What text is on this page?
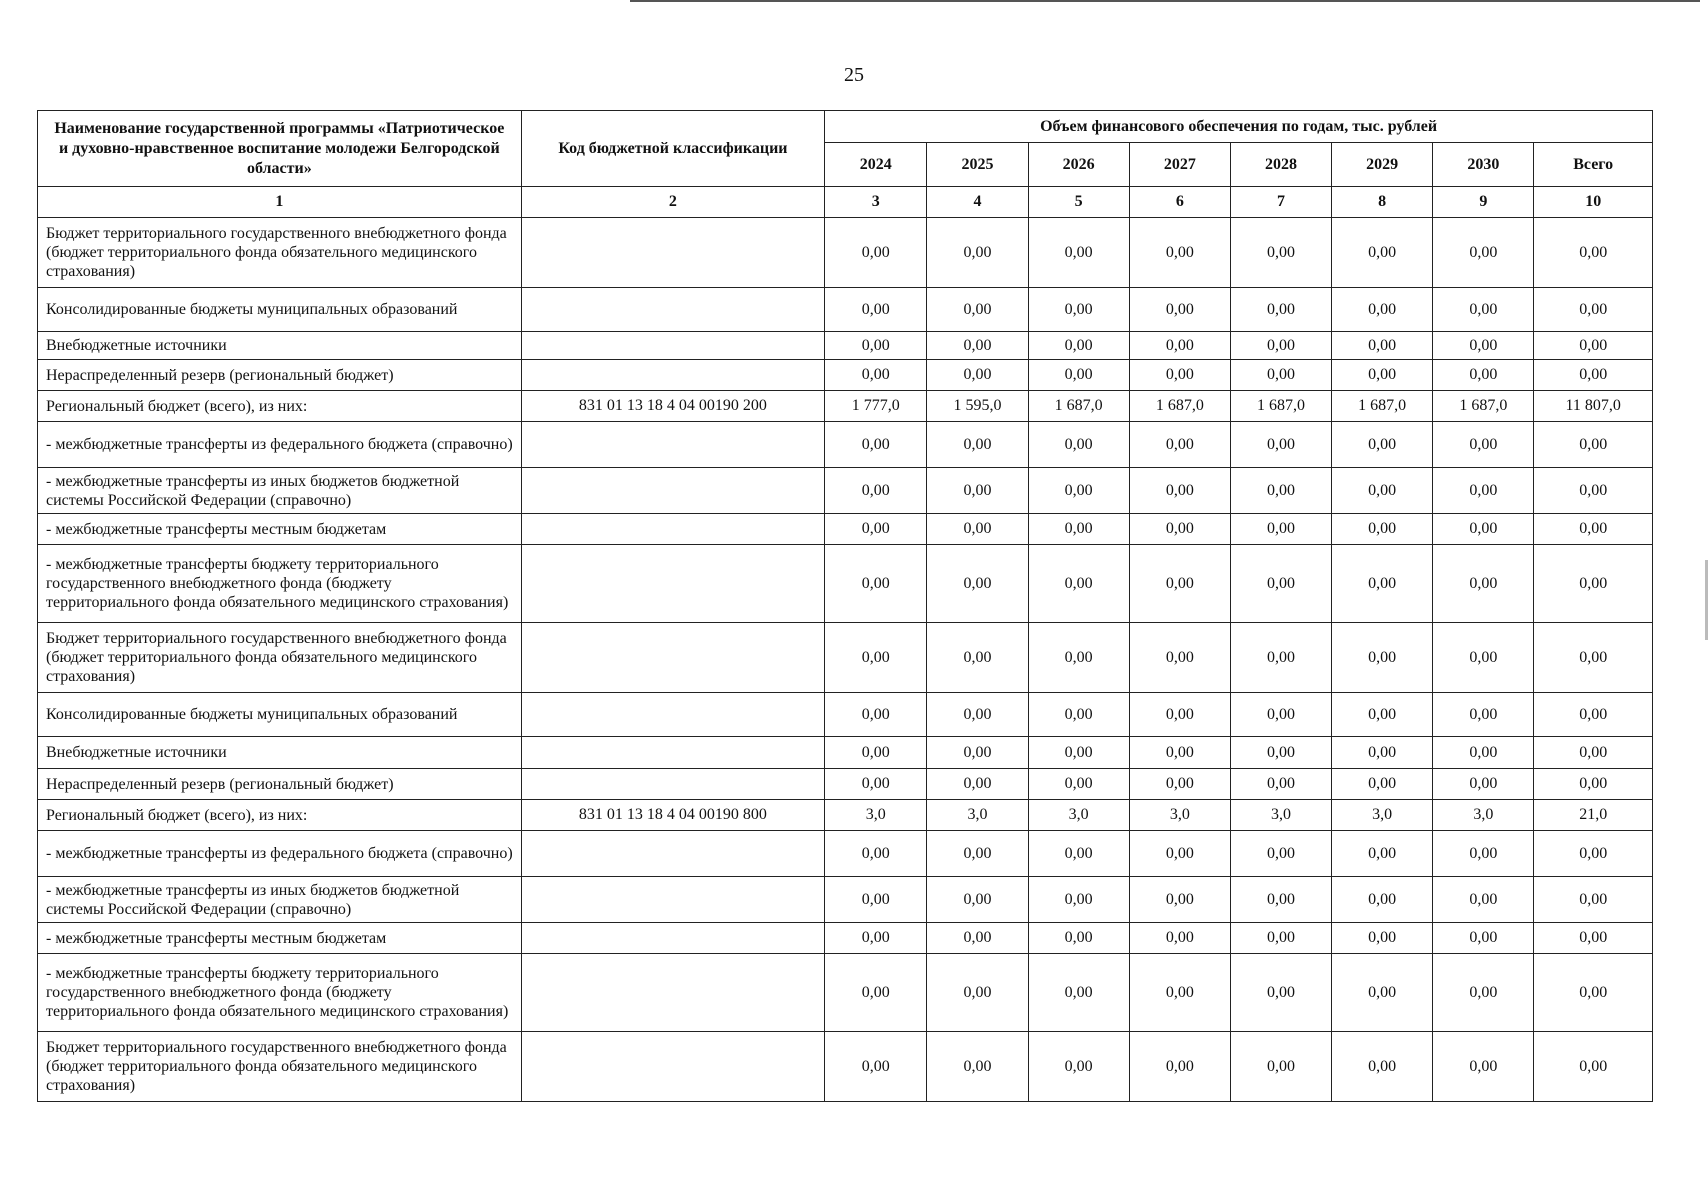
25
Наименование государственной программы «Патриотическое и духовно-нравственное воспитание молодежи Белгородской области»	Код бюджетной классификации	Объем финансового обеспечения по годам, тыс. рублей							
		2024	2025	2026	2027	2028	2029	2030	Всего
1	2	3	4	5	6	7	8	9	10
Бюджет территориального государственного внебюджетного фонда (бюджет территориального фонда обязательного медицинского страхования)		0,00	0,00	0,00	0,00	0,00	0,00	0,00	0,00
Консолидированные бюджеты муниципальных образований		0,00	0,00	0,00	0,00	0,00	0,00	0,00	0,00
Внебюджетные источники		0,00	0,00	0,00	0,00	0,00	0,00	0,00	0,00
Нераспределенный резерв (региональный бюджет)		0,00	0,00	0,00	0,00	0,00	0,00	0,00	0,00
Региональный бюджет (всего), из них:	831 01 13 18 4 04 00190 200	1 777,0	1 595,0	1 687,0	1 687,0	1 687,0	1 687,0	1 687,0	11 807,0
- межбюджетные трансферты из федерального бюджета (справочно)		0,00	0,00	0,00	0,00	0,00	0,00	0,00	0,00
- межбюджетные трансферты из иных бюджетов бюджетной системы Российской Федерации (справочно)		0,00	0,00	0,00	0,00	0,00	0,00	0,00	0,00
- межбюджетные трансферты местным бюджетам		0,00	0,00	0,00	0,00	0,00	0,00	0,00	0,00
- межбюджетные трансферты бюджету территориального государственного внебюджетного фонда (бюджету территориального фонда обязательного медицинского страхования)		0,00	0,00	0,00	0,00	0,00	0,00	0,00	0,00
Бюджет территориального государственного внебюджетного фонда (бюджет территориального фонда обязательного медицинского страхования)		0,00	0,00	0,00	0,00	0,00	0,00	0,00	0,00
Консолидированные бюджеты муниципальных образований		0,00	0,00	0,00	0,00	0,00	0,00	0,00	0,00
Внебюджетные источники		0,00	0,00	0,00	0,00	0,00	0,00	0,00	0,00
Нераспределенный резерв (региональный бюджет)		0,00	0,00	0,00	0,00	0,00	0,00	0,00	0,00
Региональный бюджет (всего), из них:	831 01 13 18 4 04 00190 800	3,0	3,0	3,0	3,0	3,0	3,0	3,0	21,0
- межбюджетные трансферты из федерального бюджета (справочно)		0,00	0,00	0,00	0,00	0,00	0,00	0,00	0,00
- межбюджетные трансферты из иных бюджетов бюджетной системы Российской Федерации (справочно)		0,00	0,00	0,00	0,00	0,00	0,00	0,00	0,00
- межбюджетные трансферты местным бюджетам		0,00	0,00	0,00	0,00	0,00	0,00	0,00	0,00
- межбюджетные трансферты бюджету территориального государственного внебюджетного фонда (бюджету территориального фонда обязательного медицинского страхования)		0,00	0,00	0,00	0,00	0,00	0,00	0,00	0,00
Бюджет территориального государственного внебюджетного фонда (бюджет территориального фонда обязательного медицинского страхования)		0,00	0,00	0,00	0,00	0,00	0,00	0,00	0,00
